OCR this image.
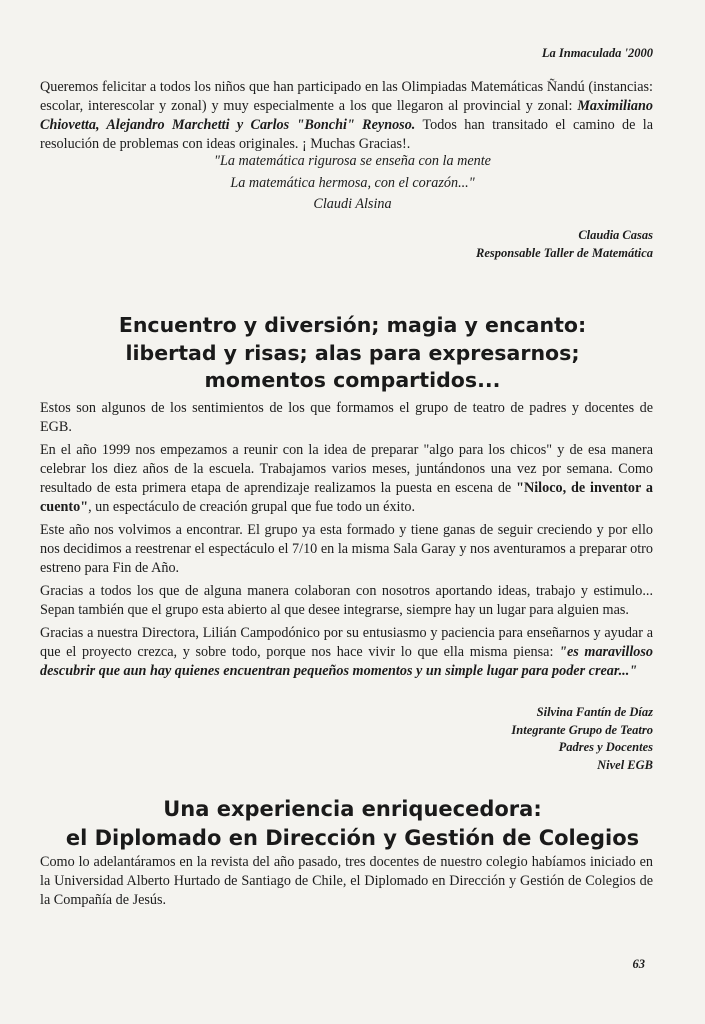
La Inmaculada '2000

Queremos felicitar a todos los niños que han participado en las Olimpiadas Matemáticas Ñandú (instancias: escolar, interescolar y zonal) y muy especialmente a los que llegaron al provincial y zonal: Maximiliano Chiovetta, Alejandro Marchetti y Carlos "Bonchi" Reynoso. Todos han transitado el camino de la resolución de problemas con ideas originales. ¡ Muchas Gracias!.

"La matemática rigurosa se enseña con la mente
La matemática hermosa, con el corazón..."
Claudi Alsina
Claudia Casas
Responsable Taller de Matemática
Encuentro y diversión; magia y encanto:
libertad y risas; alas para expresarnos;
momentos compartidos...

Estos son algunos de los sentimientos de los que formamos el grupo de teatro de padres y docentes de EGB.

En el año 1999 nos empezamos a reunir con la idea de preparar "algo para los chicos" y de esa manera celebrar los diez años de la escuela. Trabajamos varios meses, juntándonos una vez por semana. Como resultado de esta primera etapa de aprendizaje realizamos la puesta en escena de "Niloco, de inventor a cuento", un espectáculo de creación grupal que fue todo un éxito.

Este año nos volvimos a encontrar. El grupo ya esta formado y tiene ganas de seguir creciendo y por ello nos decidimos a reestrenar el espectáculo el 7/10 en la misma Sala Garay y nos aventuramos a preparar otro estreno para Fin de Año.

Gracias a todos los que de alguna manera colaboran con nosotros aportando ideas, trabajo y estimulo... Sepan también que el grupo esta abierto al que desee integrarse, siempre hay un lugar para alguien mas.

Gracias a nuestra Directora, Lilián Campodónico por su entusiasmo y paciencia para enseñarnos y ayudar a que el proyecto crezca, y sobre todo, porque nos hace vivir lo que ella misma piensa: "es maravilloso descubrir que aun hay quienes encuentran pequeños momentos y un simple lugar para poder crear..."

Silvina Fantín de Díaz
Integrante Grupo de Teatro
Padres y Docentes
Nivel EGB
Una experiencia enriquecedora:
el Diplomado en Dirección y Gestión de Colegios

Como lo adelantáramos en la revista del año pasado, tres docentes de nuestro colegio habíamos iniciado en la Universidad Alberto Hurtado de Santiago de Chile, el Diplomado en Dirección y Gestión de Colegios de la Compañía de Jesús.

63
